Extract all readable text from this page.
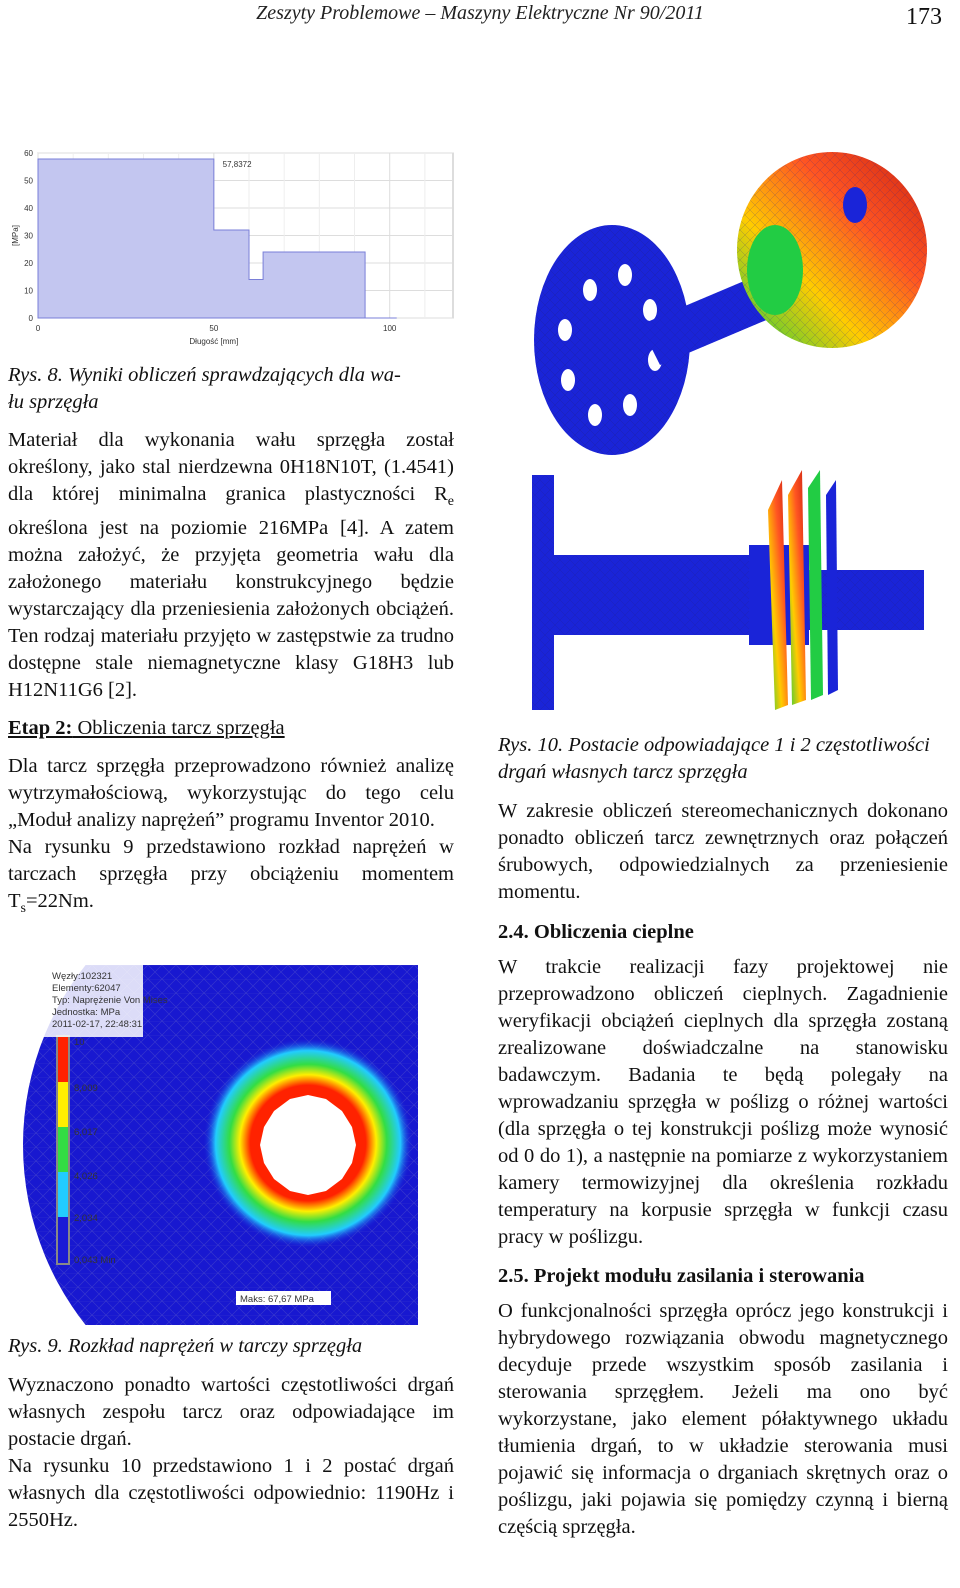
Zeszyty Problemowe – Maszyny Elektryczne Nr 90/2011	173
0
10
20
30
40
50
60
0	50	100
57,8372
[MPa]
Długość [mm]

Rys. 8. Wyniki obliczeń sprawdzających dla wa-
łu sprzęgła

Materiał dla wykonania wału sprzęgła został określony, jako stal nierdzewna 0H18N10T, (1.4541) dla której minimalna granica plastyczności $R_e$ określona jest na poziomie 216MPa [4]. A zatem można założyć, że przyjęta geometria wału dla założonego materiału konstrukcyjnego będzie wystarczający dla przeniesienia założonych obciążeń. Ten rodzaj materiału przyjęto w zastępstwie za trudno dostępne stale niemagnetyczne klasy G18H3 lub H12N11G6 [2].

Etap 2: Obliczenia tarcz sprzęgła

Dla tarcz sprzęgła przeprowadzono również analizę wytrzymałościową, wykorzystując do tego celu „Moduł analizy naprężeń” programu Inventor 2010.

Na rysunku 9 przedstawiono rozkład naprężeń w tarczach sprzęgła przy obciążeniu momentem $T_s=22Nm$.

Węzły:102321
Elementy:62047
Typ: Naprężenie Von Mises
Jednostka: MPa
2011-02-17, 22:48:31
10
8,009
6,017
4,026
2,034
0,043 Min
Maks: 67,67 MPa

Rys. 9. Rozkład naprężeń w tarczy sprzęgła

Wyznaczono ponadto wartości częstotliwości drgań własnych zespołu tarcz oraz odpowiadające im postacie drgań.

Na rysunku 10 przedstawiono 1 i 2 postać drgań własnych dla częstotliwości odpowiednio: 1190Hz i 2550Hz.

Rys. 10. Postacie odpowiadające 1 i 2 częstotliwości drgań własnych tarcz sprzęgła

W zakresie obliczeń stereomechanicznych dokonano ponadto obliczeń tarcz zewnętrznych oraz połączeń śrubowych, odpowiedzialnych za przeniesienie momentu.

2.4. Obliczenia cieplne

W trakcie realizacji fazy projektowej nie przeprowadzono obliczeń cieplnych. Zagadnienie weryfikacji obciążeń cieplnych dla sprzęgła zostaną zrealizowane doświadczalne na stanowisku badawczym. Badania te będą polegały na wprowadzaniu sprzęgła w poślizg o różnej wartości (dla sprzęgła o tej konstrukcji poślizg może wynosić od 0 do 1), a następnie na pomiarze z wykorzystaniem kamery termowizyjnej dla określenia rozkładu temperatury na korpusie sprzęgła w funkcji czasu pracy w poślizgu.

2.5. Projekt modułu zasilania i sterowania

O funkcjonalności sprzęgła oprócz jego konstrukcji i hybrydowego rozwiązania obwodu magnetycznego decyduje przede wszystkim sposób zasilania i sterowania sprzęgłem. Jeżeli ma ono być wykorzystane, jako element półaktywnego układu tłumienia drgań, to w układzie sterowania musi pojawić się informacja o drganiach skrętnych oraz o poślizgu, jaki pojawia się pomiędzy czynną i bierną częścią sprzęgła.
